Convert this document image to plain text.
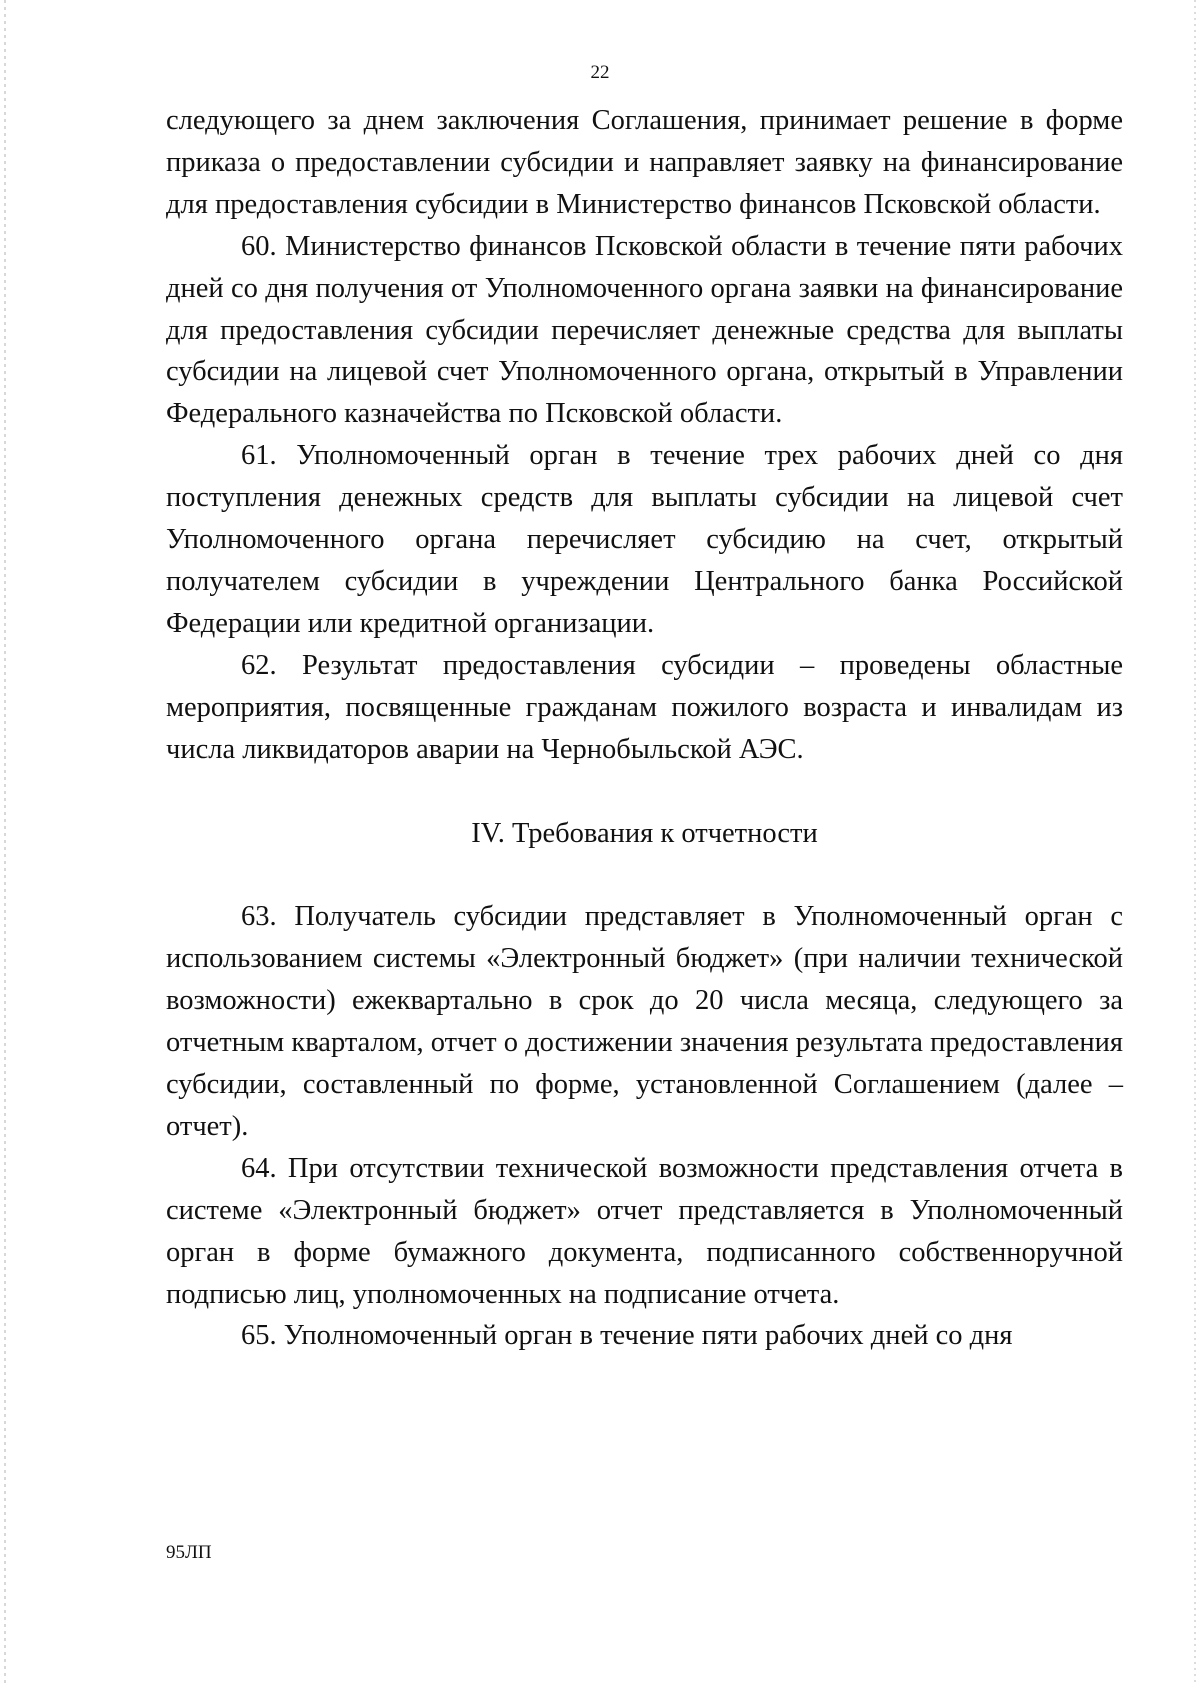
22

следующего за днем заключения Соглашения, принимает решение в форме приказа о предоставлении субсидии и направляет заявку на финансирование для предоставления субсидии в Министерство финансов Псковской области.

60. Министерство финансов Псковской области в течение пяти рабочих дней со дня получения от Уполномоченного органа заявки на финансирование для предоставления субсидии перечисляет денежные средства для выплаты субсидии на лицевой счет Уполномоченного органа, открытый в Управлении Федерального казначейства по Псковской области.

61. Уполномоченный орган в течение трех рабочих дней со дня поступления денежных средств для выплаты субсидии на лицевой счет Уполномоченного органа перечисляет субсидию на счет, открытый получателем субсидии в учреждении Центрального банка Российской Федерации или кредитной организации.

62. Результат предоставления субсидии – проведены областные мероприятия, посвященные гражданам пожилого возраста и инвалидам из числа ликвидаторов аварии на Чернобыльской АЭС.

IV. Требования к отчетности

63. Получатель субсидии представляет в Уполномоченный орган с использованием системы «Электронный бюджет» (при наличии технической возможности) ежеквартально в срок до 20 числа месяца, следующего за отчетным кварталом, отчет о достижении значения результата предоставления субсидии, составленный по форме, установленной Соглашением (далее – отчет).

64. При отсутствии технической возможности представления отчета в системе «Электронный бюджет» отчет представляется в Уполномоченный орган в форме бумажного документа, подписанного собственноручной подписью лиц, уполномоченных на подписание отчета.

65. Уполномоченный орган в течение пяти рабочих дней со дня

95ЛП
